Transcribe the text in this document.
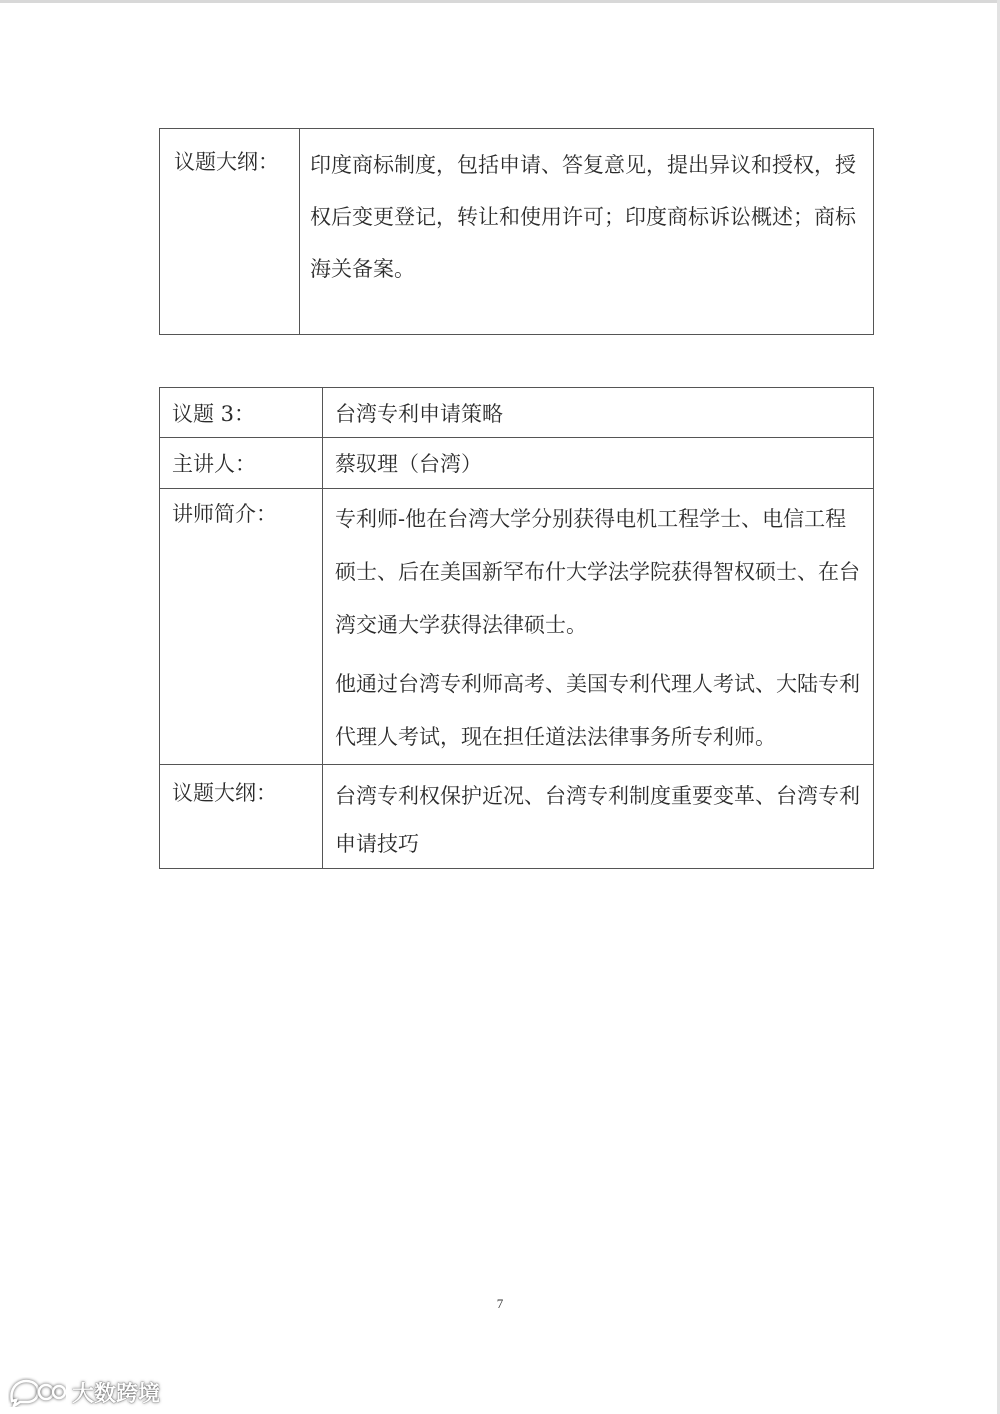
议题大纲：	印度商标制度，包括申请、答复意见，提出异议和授权，授权后变更登记，转让和使用许可；印度商标诉讼概述；商标海关备案。
议题 3：	台湾专利申请策略
主讲人：	蔡驭理（台湾）
讲师简介：	专利师-他在台湾大学分别获得电机工程学士、电信工程硕士、后在美国新罕布什大学法学院获得智权硕士、在台湾交通大学获得法律硕士。

他通过台湾专利师高考、美国专利代理人考试、大陆专利代理人考试，现在担任道法法律事务所专利师。

议题大纲：	台湾专利权保护近况、台湾专利制度重要变革、台湾专利申请技巧
7
大数跨境
